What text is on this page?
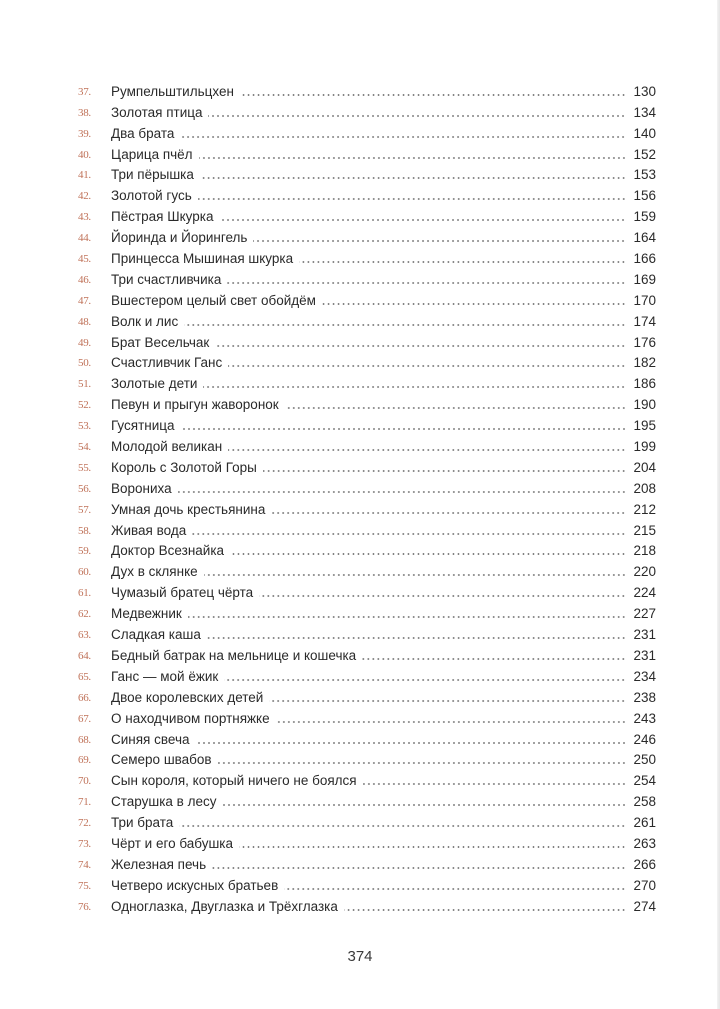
37.	Румпельштильцхен	130
38.	Золотая птица	134
39.	Два брата	140
40.	Царица пчёл	152
41.	Три пёрышка	153
42.	Золотой гусь	156
43.	Пёстрая Шкурка	159
44.	Йоринда и Йорингель	164
45.	Принцесса Мышиная шкурка	166
46.	Три счастливчика	169
47.	Вшестером целый свет обойдём	170
48.	Волк и лис	174
49.	Брат Весельчак	176
50.	Счастливчик Ганс	182
51.	Золотые дети	186
52.	Певун и прыгун жаворонок	190
53.	Гусятница	195
54.	Молодой великан	199
55.	Король с Золотой Горы	204
56.	Ворониха	208
57.	Умная дочь крестьянина	212
58.	Живая вода	215
59.	Доктор Всезнайка	218
60.	Дух в склянке	220
61.	Чумазый братец чёрта	224
62.	Медвежник	227
63.	Сладкая каша	231
64.	Бедный батрак на мельнице и кошечка	231
65.	Ганс — мой ёжик	234
66.	Двое королевских детей	238
67.	О находчивом портняжке	243
68.	Синяя свеча	246
69.	Семеро швабов	250
70.	Сын короля, который ничего не боялся	254
71.	Старушка в лесу	258
72.	Три брата	261
73.	Чёрт и его бабушка	263
74.	Железная печь	266
75.	Четверо искусных братьев	270
76.	Одноглазка, Двуглазка и Трёхглазка	274
374
